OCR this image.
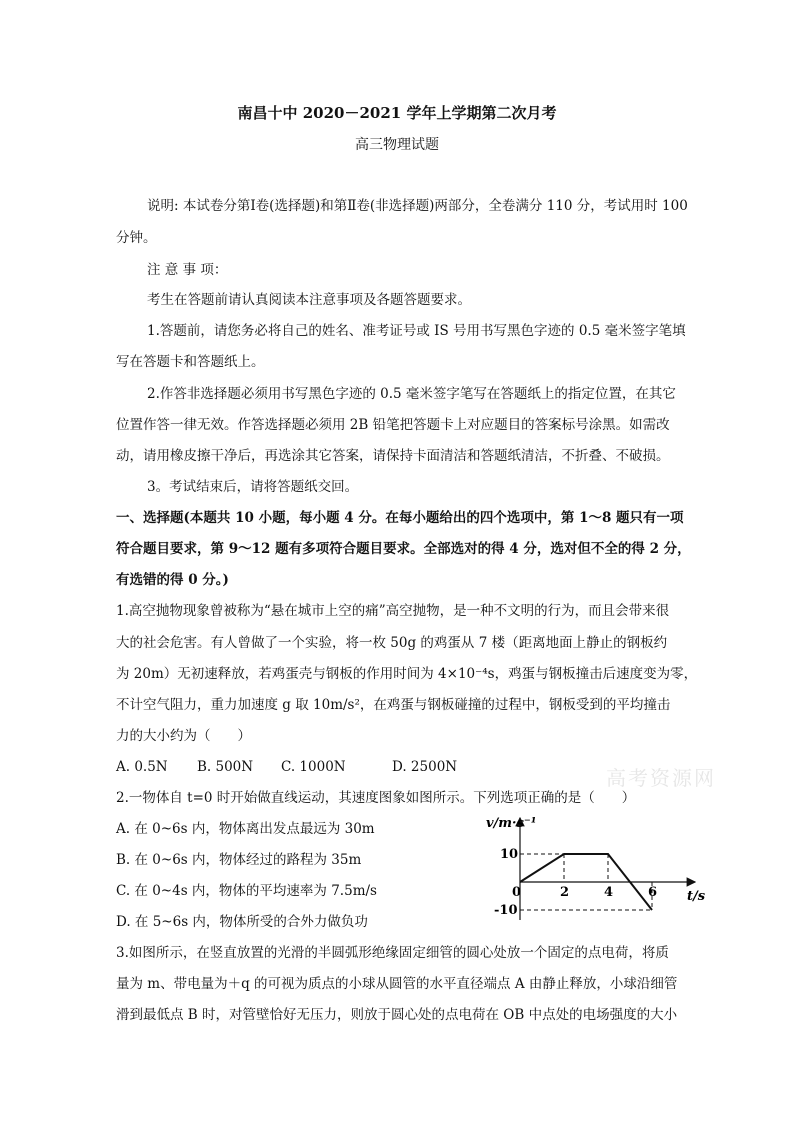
南昌十中 2020－2021 学年上学期第二次月考
高三物理试题
说明: 本试卷分第Ⅰ卷(选择题)和第Ⅱ卷(非选择题)两部分，全卷满分 110 分，考试用时 100
分钟。
注 意 事 项：
考生在答题前请认真阅读本注意事项及各题答题要求。
1.答题前，请您务必将自己的姓名、准考证号或 IS 号用书写黑色字迹的 0.5 毫米签字笔填
写在答题卡和答题纸上。
2.作答非选择题必须用书写黑色字迹的 0.5 毫米签字笔写在答题纸上的指定位置，在其它
位置作答一律无效。作答选择题必须用 2B 铅笔把答题卡上对应题目的答案标号涂黑。如需改
动，请用橡皮擦干净后，再选涂其它答案，请保持卡面清洁和答题纸清洁，不折叠、不破损。
3。考试结束后，请将答题纸交回。
一、选择题(本题共 10 小题，每小题 4 分。在每小题给出的四个选项中，第 1～8 题只有一项
符合题目要求，第 9～12 题有多项符合题目要求。全部选对的得 4 分，选对但不全的得 2 分，
有选错的得 0 分。)
1.高空抛物现象曾被称为“悬在城市上空的痛”高空抛物，是一种不文明的行为，而且会带来很
大的社会危害。有人曾做了一个实验，将一枚 50g 的鸡蛋从 7 楼（距离地面上静止的钢板约
为 20m）无初速释放，若鸡蛋壳与钢板的作用时间为 4×10⁻⁴s，鸡蛋与钢板撞击后速度变为零，
不计空气阻力，重力加速度 g 取 10m/s²，在鸡蛋与钢板碰撞的过程中，钢板受到的平均撞击
力的大小约为（　　）
A. 0.5N B. 500N C. 1000N	D. 2500N	高考资源网
2.一物体自 t=0 时开始做直线运动，其速度图象如图所示。下列选项正确的是（　　）
A. 在 0~6s 内，物体离出发点最远为 30m
B. 在 0~6s 内，物体经过的路程为 35m
C. 在 0~4s 内，物体的平均速率为 7.5m/s
D. 在 5~6s 内，物体所受的合外力做负功
2	4	6
10
-10
v/m·s⁻¹
t/s
0
3.如图所示，在竖直放置的光滑的半圆弧形绝缘固定细管的圆心处放一个固定的点电荷，将质
量为 m、带电量为＋q 的可视为质点的小球从圆管的水平直径端点 A 由静止释放，小球沿细管
滑到最低点 B 时，对管壁恰好无压力，则放于圆心处的点电荷在 OB 中点处的电场强度的大小
